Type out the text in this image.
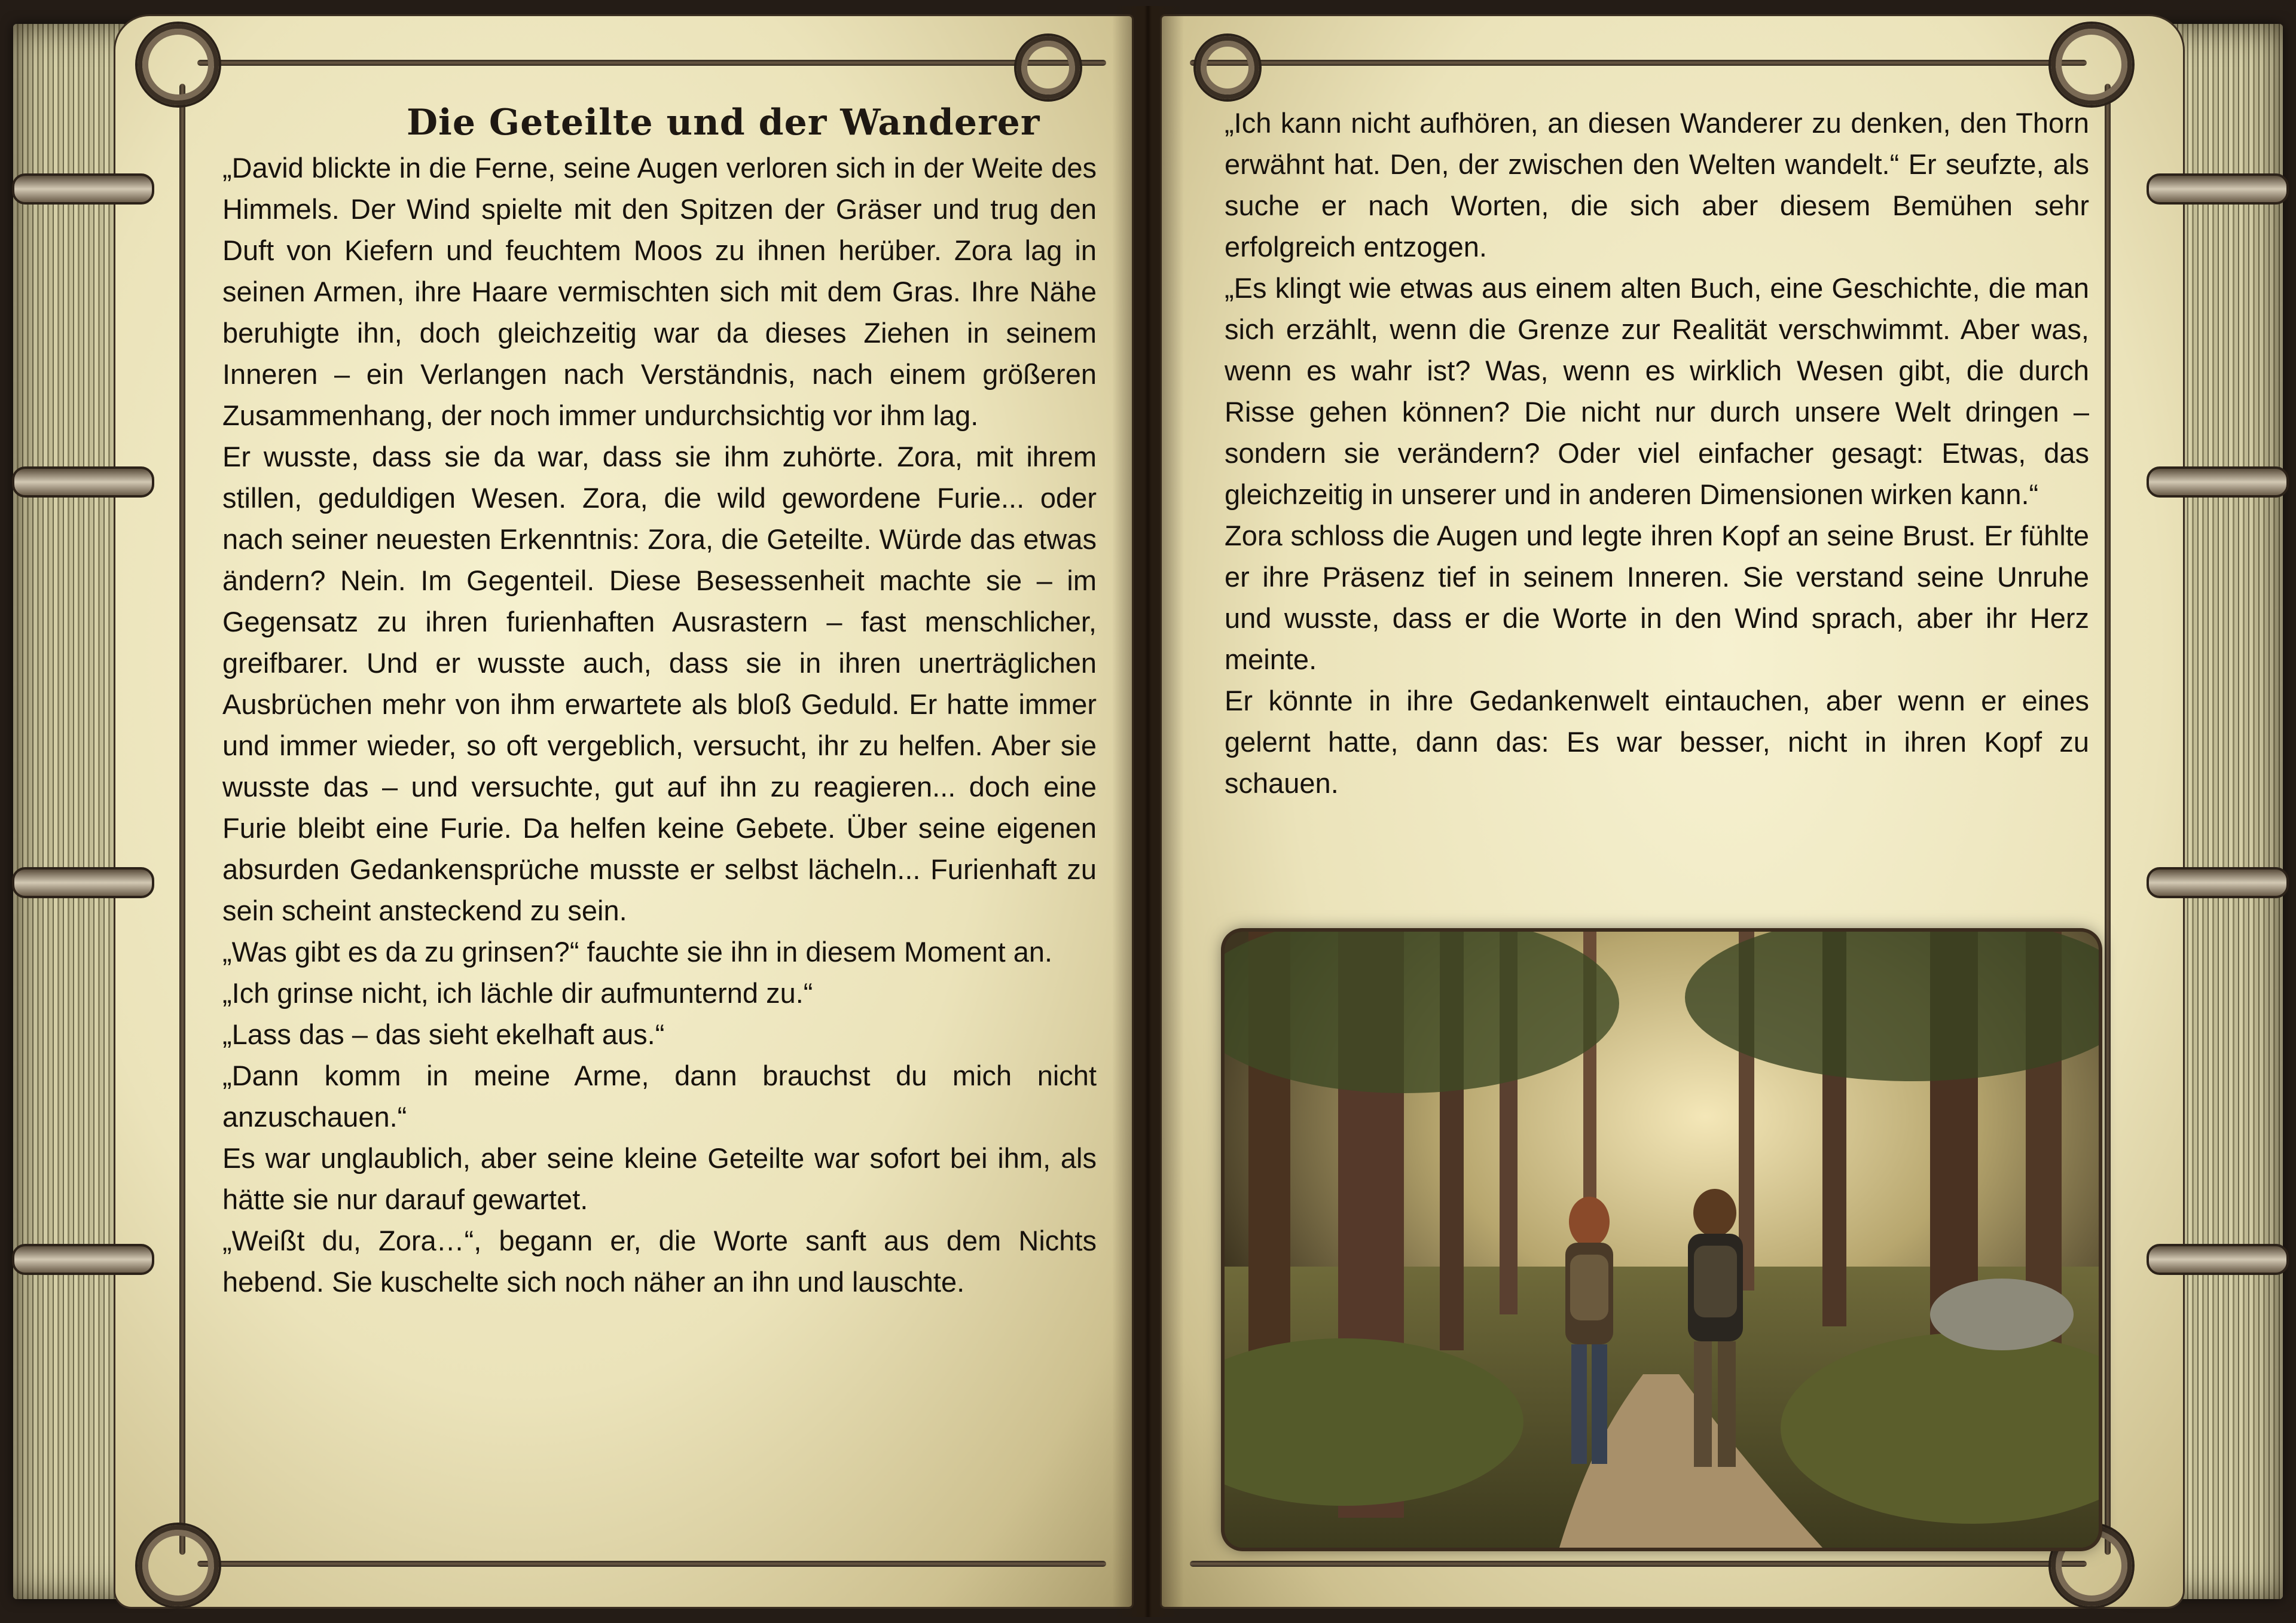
Die Geteilte und der Wanderer

„David blickte in die Ferne, seine Augen verloren sich in der Weite des Himmels. Der Wind spielte mit den Spitzen der Gräser und trug den Duft von Kiefern und feuchtem Moos zu ihnen herüber. Zora lag in seinen Armen, ihre Haare vermischten sich mit dem Gras. Ihre Nähe beruhigte ihn, doch gleichzeitig war da dieses Ziehen in seinem Inneren – ein Verlangen nach Verständnis, nach einem größeren Zusammenhang, der noch immer undurchsichtig vor ihm lag.

Er wusste, dass sie da war, dass sie ihm zuhörte. Zora, mit ihrem stillen, geduldigen Wesen. Zora, die wild gewordene Furie... oder nach seiner neuesten Erkenntnis: Zora, die Geteilte. Würde das etwas ändern? Nein. Im Gegenteil. Diese Besessenheit machte sie – im Gegensatz zu ihren furienhaften Ausrastern – fast menschlicher, greifbarer. Und er wusste auch, dass sie in ihren unerträglichen Ausbrüchen mehr von ihm erwartete als bloß Geduld. Er hatte immer und immer wieder, so oft vergeblich, versucht, ihr zu helfen. Aber sie wusste das – und versuchte, gut auf ihn zu reagieren... doch eine Furie bleibt eine Furie. Da helfen keine Gebete. Über seine eigenen absurden Gedankensprüche musste er selbst lächeln... Furienhaft zu sein scheint ansteckend zu sein.

„Was gibt es da zu grinsen?“ fauchte sie ihn in diesem Moment an.

„Ich grinse nicht, ich lächle dir aufmunternd zu.“

„Lass das – das sieht ekelhaft aus.“

„Dann komm in meine Arme, dann brauchst du mich nicht anzuschauen.“

Es war unglaublich, aber seine kleine Geteilte war sofort bei ihm, als hätte sie nur darauf gewartet.

„Weißt du, Zora…“, begann er, die Worte sanft aus dem Nichts hebend. Sie kuschelte sich noch näher an ihn und lauschte.

„Ich kann nicht aufhören, an diesen Wanderer zu denken, den Thorn erwähnt hat. Den, der zwischen den Welten wandelt.“ Er seufzte, als suche er nach Worten, die sich aber diesem Bemühen sehr erfolgreich entzogen.

„Es klingt wie etwas aus einem alten Buch, eine Geschichte, die man sich erzählt, wenn die Grenze zur Realität verschwimmt. Aber was, wenn es wahr ist? Was, wenn es wirklich Wesen gibt, die durch Risse gehen können? Die nicht nur durch unsere Welt dringen – sondern sie verändern? Oder viel einfacher gesagt: Etwas, das gleichzeitig in unserer und in anderen Dimensionen wirken kann.“

Zora schloss die Augen und legte ihren Kopf an seine Brust. Er fühlte er ihre Präsenz tief in seinem Inneren. Sie verstand seine Unruhe und wusste, dass er die Worte in den Wind sprach, aber ihr Herz meinte.

Er könnte in ihre Gedankenwelt eintauchen, aber wenn er eines gelernt hatte, dann das: Es war besser, nicht in ihren Kopf zu schauen.
